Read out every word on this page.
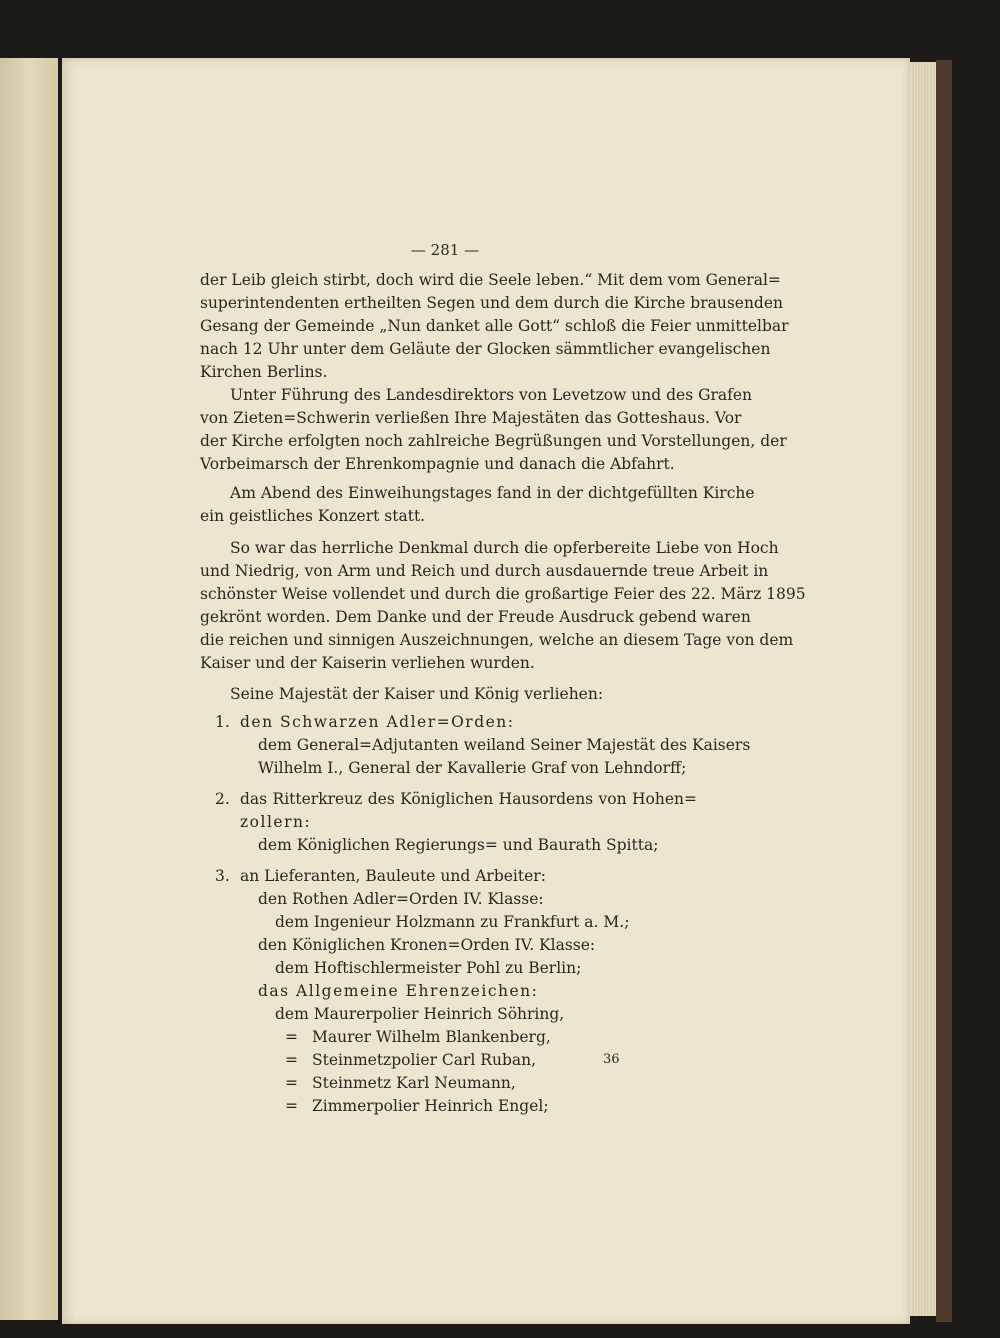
— 281 —
der Leib gleich stirbt, doch wird die Seele leben.“ Mit dem vom General=
superintendenten ertheilten Segen und dem durch die Kirche brausenden
Gesang der Gemeinde „Nun danket alle Gott“ schloß die Feier unmittelbar
nach 12 Uhr unter dem Geläute der Glocken sämmtlicher evangelischen
Kirchen Berlins.
Unter Führung des Landesdirektors von Levetzow und des Grafen
von Zieten=Schwerin verließen Ihre Majestäten das Gotteshaus. Vor
der Kirche erfolgten noch zahlreiche Begrüßungen und Vorstellungen, der
Vorbeimarsch der Ehrenkompagnie und danach die Abfahrt.
Am Abend des Einweihungstages fand in der dichtgefüllten Kirche
ein geistliches Konzert statt.
So war das herrliche Denkmal durch die opferbereite Liebe von Hoch
und Niedrig, von Arm und Reich und durch ausdauernde treue Arbeit in
schönster Weise vollendet und durch die großartige Feier des 22. März 1895
gekrönt worden. Dem Danke und der Freude Ausdruck gebend waren
die reichen und sinnigen Auszeichnungen, welche an diesem Tage von dem
Kaiser und der Kaiserin verliehen wurden.
Seine Majestät der Kaiser und König verliehen:
1. den Schwarzen Adler=Orden:
dem General=Adjutanten weiland Seiner Majestät des Kaisers
Wilhelm I., General der Kavallerie Graf von Lehndorff;
2. das Ritterkreuz des Königlichen Hausordens von Hohen=
zollern:
dem Königlichen Regierungs= und Baurath Spitta;
3. an Lieferanten, Bauleute und Arbeiter:
den Rothen Adler=Orden IV. Klasse:
dem Ingenieur Holzmann zu Frankfurt a. M.;
den Königlichen Kronen=Orden IV. Klasse:
dem Hoftischlermeister Pohl zu Berlin;
das Allgemeine Ehrenzeichen:
dem Maurerpolier Heinrich Söhring,
= Maurer Wilhelm Blankenberg,
= Steinmetzpolier Carl Ruban,
= Steinmetz Karl Neumann,
= Zimmerpolier Heinrich Engel;
36
